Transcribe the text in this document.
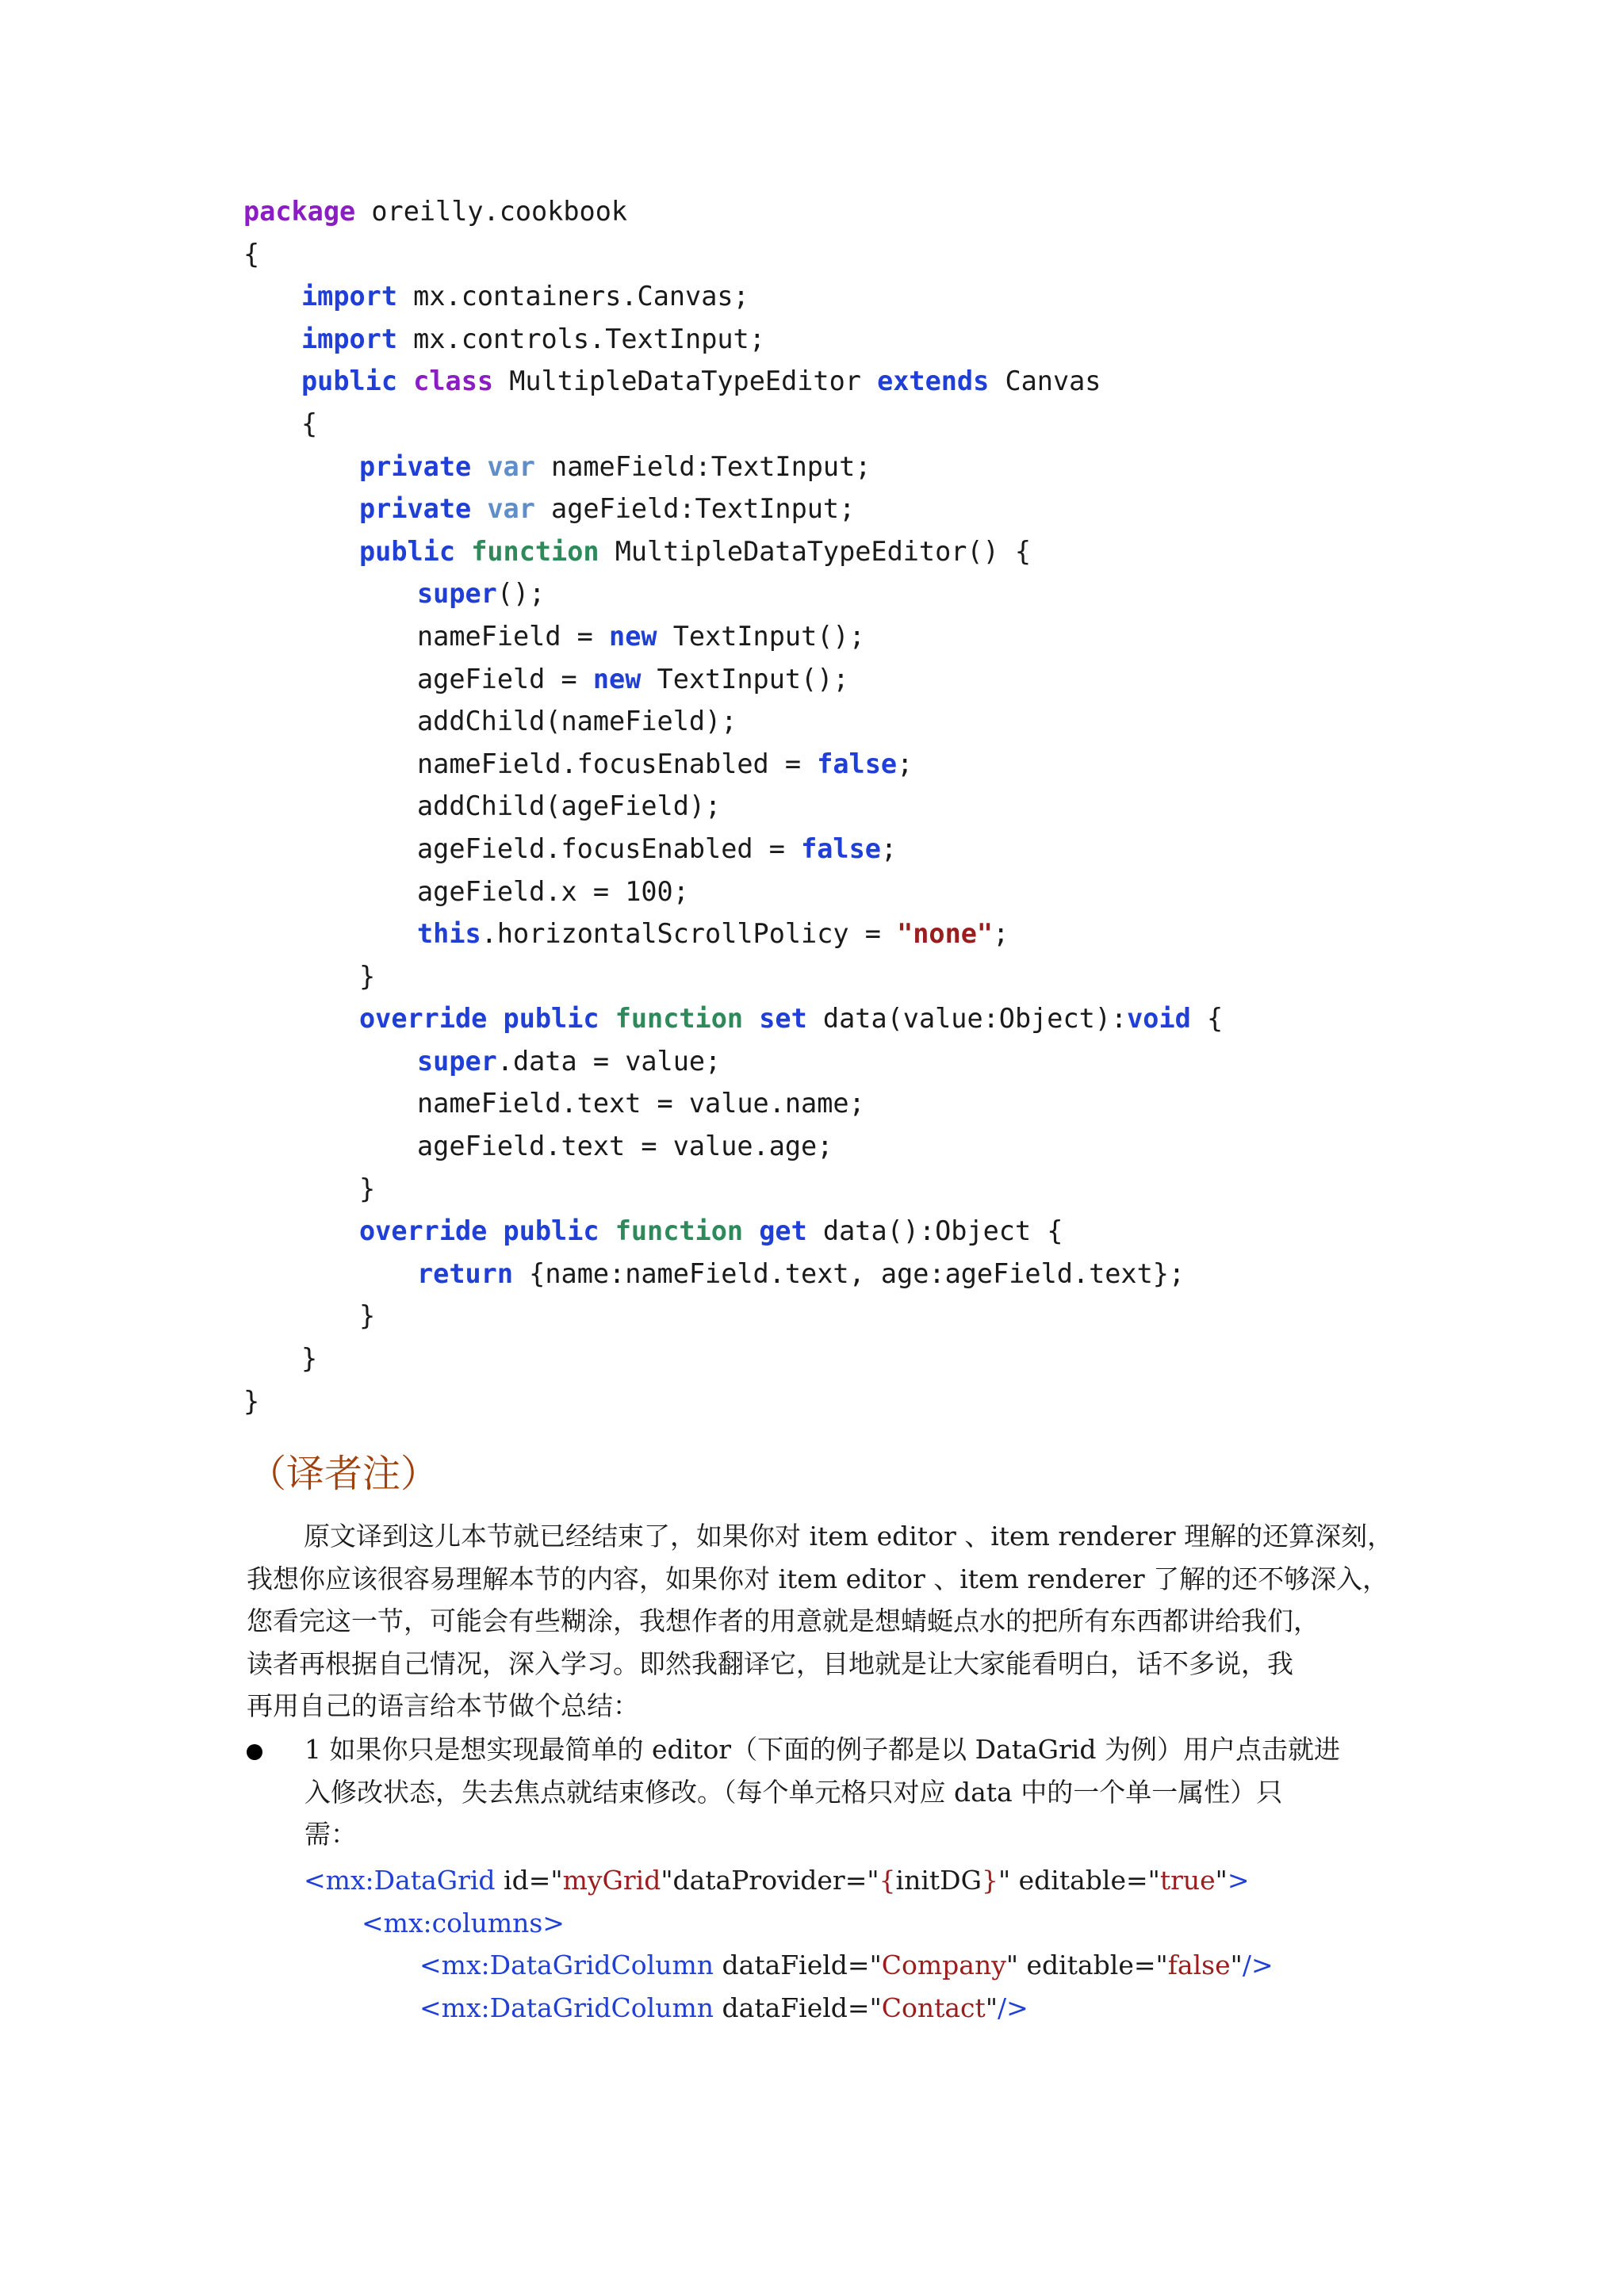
package oreilly.cookbook
{
import mx.containers.Canvas;
import mx.controls.TextInput;
public class MultipleDataTypeEditor extends Canvas
{
private var nameField:TextInput;
private var ageField:TextInput;
public function MultipleDataTypeEditor() {
super();
nameField = new TextInput();
ageField = new TextInput();
addChild(nameField);
nameField.focusEnabled = false;
addChild(ageField);
ageField.focusEnabled = false;
ageField.x = 100;
this.horizontalScrollPolicy = "none";
}
override public function set data(value:Object):void {
super.data = value;
nameField.text = value.name;
ageField.text = value.age;
}
override public function get data():Object {
return {name:nameField.text, age:ageField.text};
}
}
}
（译者注）
原文译到这儿本节就已经结束了，如果你对 item editor 、item renderer 理解的还算深刻，
我想你应该很容易理解本节的内容，如果你对 item editor 、item renderer 了解的还不够深入，
您看完这一节，可能会有些糊涂，我想作者的用意就是想蜻蜓点水的把所有东西都讲给我们，
读者再根据自己情况，深入学习。即然我翻译它，目地就是让大家能看明白，话不多说，我
再用自己的语言给本节做个总结：
1 如果你只是想实现最简单的 editor（下面的例子都是以 DataGrid 为例）用户点击就进
入修改状态，失去焦点就结束修改。（每个单元格只对应 data 中的一个单一属性）只
需：
<mx:DataGrid id="myGrid"dataProvider="{initDG}" editable="true">
<mx:columns>
<mx:DataGridColumn dataField="Company" editable="false"/>
<mx:DataGridColumn dataField="Contact"/>
